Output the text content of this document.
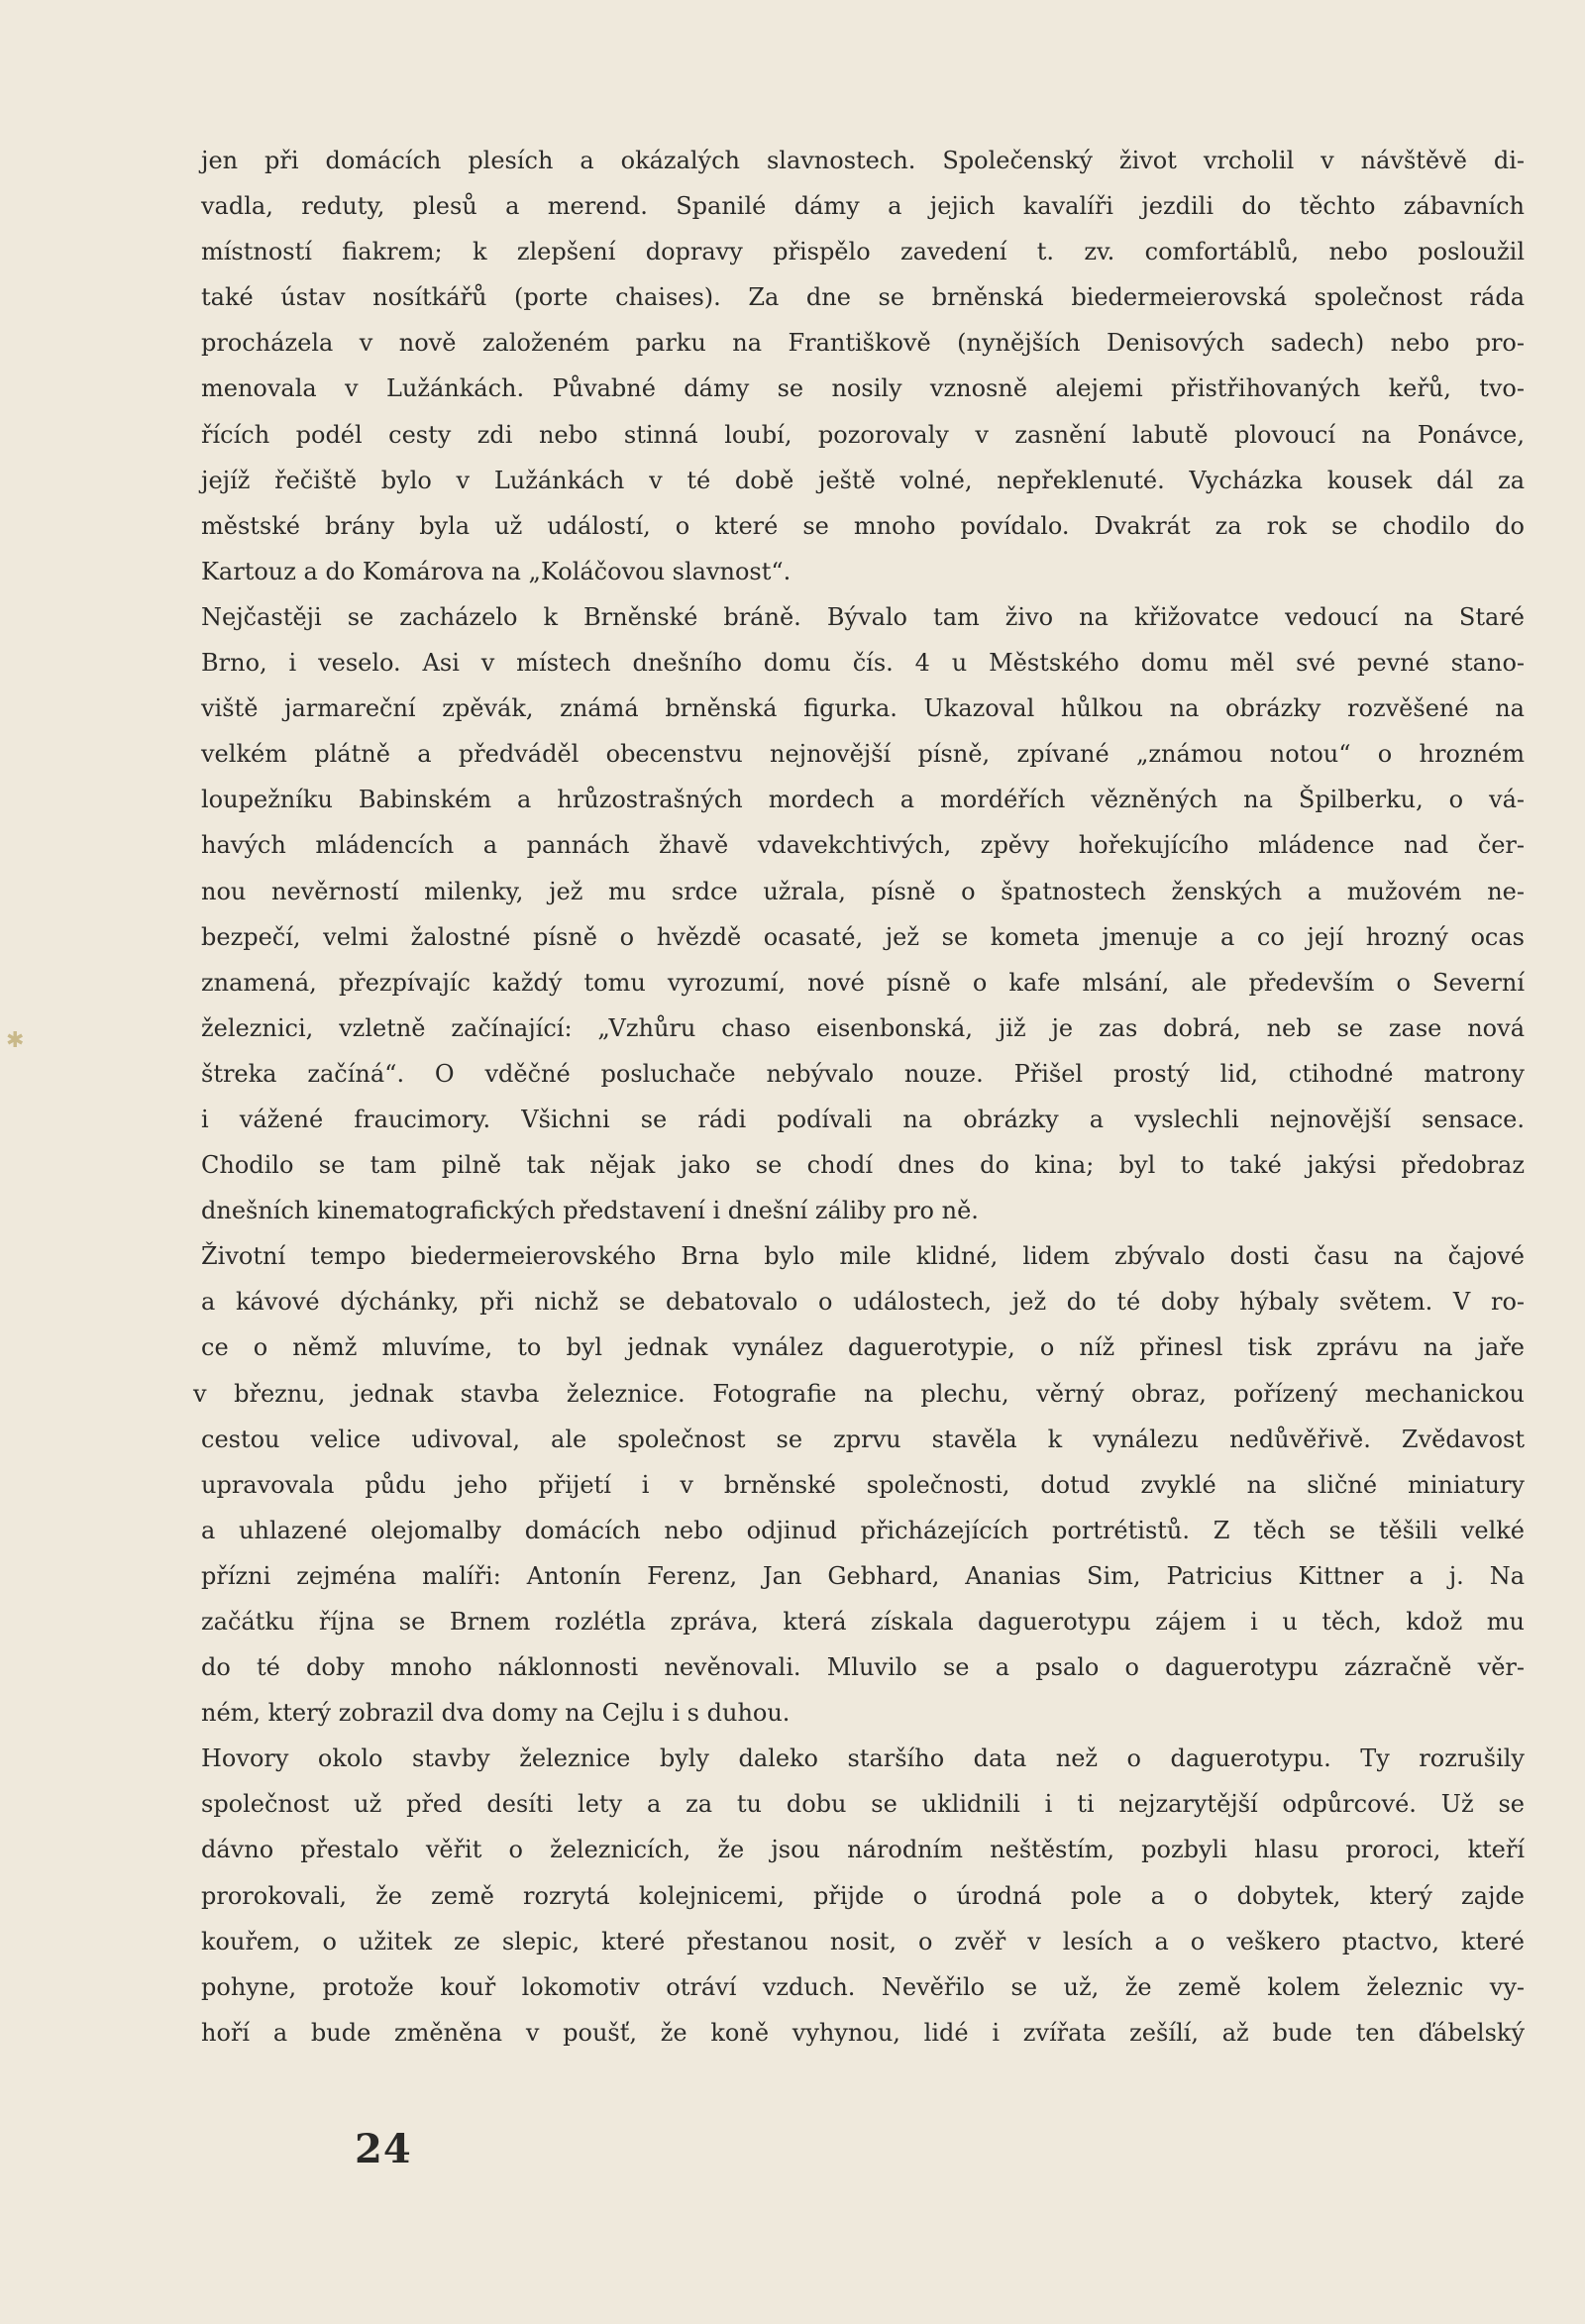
jen při domácích plesích a okázalých slavnostech. Společenský život vrcholil v návštěvě di-
vadla, reduty, plesů a merend. Spanilé dámy a jejich kavalíři jezdili do těchto zábavních
místností fiakrem; k zlepšení dopravy přispělo zavedení t. zv. comfortáblů, nebo posloužil
také ústav nosítkářů (porte chaises). Za dne se brněnská biedermeierovská společnost ráda
procházela v nově založeném parku na Františkově (nynějších Denisových sadech) nebo pro-
menovala v Lužánkách. Půvabné dámy se nosily vznosně alejemi přistřihovaných keřů, tvo-
řících podél cesty zdi nebo stinná loubí, pozorovaly v zasnění labutě plovoucí na Ponávce,
jejíž řečiště bylo v Lužánkách v té době ještě volné, nepřeklenuté. Vycházka kousek dál za
městské brány byla už událostí, o které se mnoho povídalo. Dvakrát za rok se chodilo do
Kartouz a do Komárova na „Koláčovou slavnost“.
Nejčastěji se zacházelo k Brněnské bráně. Bývalo tam živo na křižovatce vedoucí na Staré
Brno, i veselo. Asi v místech dnešního domu čís. 4 u Městského domu měl své pevné stano-
viště jarmareční zpěvák, známá brněnská figurka. Ukazoval hůlkou na obrázky rozvěšené na
velkém plátně a předváděl obecenstvu nejnovější písně, zpívané „známou notou“ o hrozném
loupežníku Babinském a hrůzostrašných mordech a mordéřích vězněných na Špilberku, o vá-
havých mládencích a pannách žhavě vdavekchtivých, zpěvy hořekujícího mládence nad čer-
nou nevěrností milenky, jež mu srdce užrala, písně o špatnostech ženských a mužovém ne-
bezpečí, velmi žalostné písně o hvězdě ocasaté, jež se kometa jmenuje a co její hrozný ocas
znamená, přezpívajíc každý tomu vyrozumí, nové písně o kafe mlsání, ale především o Severní
železnici, vzletně začínající: „Vzhůru chaso eisenbonská, již je zas dobrá, neb se zase nová
štreka začíná“. O vděčné posluchače nebývalo nouze. Přišel prostý lid, ctihodné matrony
i vážené fraucimory. Všichni se rádi podívali na obrázky a vyslechli nejnovější sensace.
Chodilo se tam pilně tak nějak jako se chodí dnes do kina; byl to také jakýsi předobraz
dnešních kinematografických představení i dnešní záliby pro ně.
Životní tempo biedermeierovského Brna bylo mile klidné, lidem zbývalo dosti času na čajové
a kávové dýchánky, při nichž se debatovalo o událostech, jež do té doby hýbaly světem. V ro-
ce o němž mluvíme, to byl jednak vynález daguerotypie, o níž přinesl tisk zprávu na jaře
v březnu, jednak stavba železnice. Fotografie na plechu, věrný obraz, pořízený mechanickou
cestou velice udivoval, ale společnost se zprvu stavěla k vynálezu nedůvěřivě. Zvědavost
upravovala půdu jeho přijetí i v brněnské společnosti, dotud zvyklé na sličné miniatury
a uhlazené olejomalby domácích nebo odjinud přicházejících portrétistů. Z těch se těšili velké
přízni zejména malíři: Antonín Ferenz, Jan Gebhard, Ananias Sim, Patricius Kittner a j. Na
začátku října se Brnem rozlétla zpráva, která získala daguerotypu zájem i u těch, kdož mu
do té doby mnoho náklonnosti nevěnovali. Mluvilo se a psalo o daguerotypu zázračně věr-
ném, který zobrazil dva domy na Cejlu i s duhou.
Hovory okolo stavby železnice byly daleko staršího data než o daguerotypu. Ty rozrušily
společnost už před desíti lety a za tu dobu se uklidnili i ti nejzarytější odpůrcové. Už se
dávno přestalo věřit o železnicích, že jsou národním neštěstím, pozbyli hlasu proroci, kteří
prorokovali, že země rozrytá kolejnicemi, přijde o úrodná pole a o dobytek, který zajde
kouřem, o užitek ze slepic, které přestanou nosit, o zvěř v lesích a o veškero ptactvo, které
pohyne, protože kouř lokomotiv otráví vzduch. Nevěřilo se už, že země kolem železnic vy-
hoří a bude změněna v poušť, že koně vyhynou, lidé i zvířata zešílí, až bude ten ďábelský
24
✱
